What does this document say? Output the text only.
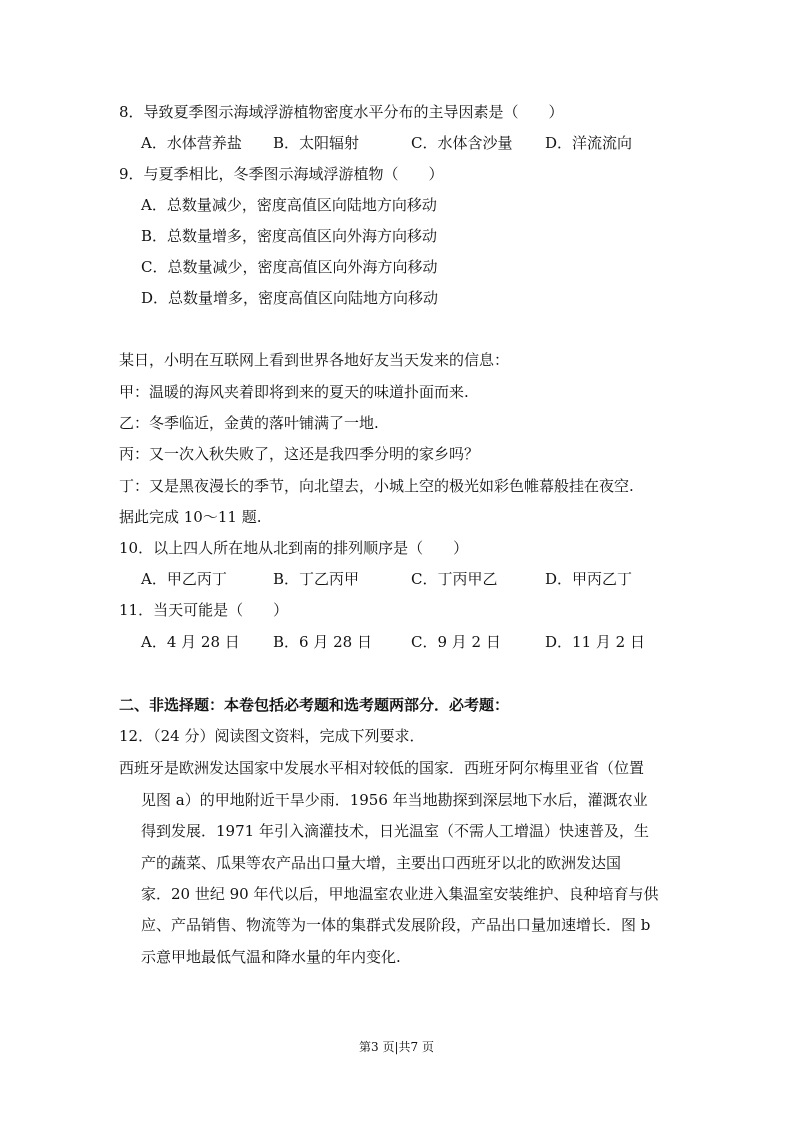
8．导致夏季图示海域浮游植物密度水平分布的主导因素是（　　）

A．水体营养盐 B．太阳辐射	C．水体含沙量 D．洋流流向

9．与夏季相比，冬季图示海域浮游植物（　　）

A．总数量减少，密度高值区向陆地方向移动

B．总数量增多，密度高值区向外海方向移动

C．总数量减少，密度高值区向外海方向移动

D．总数量增多，密度高值区向陆地方向移动

某日，小明在互联网上看到世界各地好友当天发来的信息：

甲：温暖的海风夹着即将到来的夏天的味道扑面而来.

乙：冬季临近，金黄的落叶铺满了一地.

丙：又一次入秋失败了，这还是我四季分明的家乡吗？

丁：又是黑夜漫长的季节，向北望去，小城上空的极光如彩色帷幕般挂在夜空.

据此完成 10～11 题.

10．以上四人所在地从北到南的排列顺序是（　　）

A．甲乙丙丁	B．丁乙丙甲	C．丁丙甲乙	D．甲丙乙丁

11．当天可能是（　　）

A．4 月 28 日 B．6 月 28 日	C．9 月 2 日	D．11 月 2 日

二、非选择题：本卷包括必考题和选考题两部分．必考题：

12．（24 分）阅读图文资料，完成下列要求．

西班牙是欧洲发达国家中发展水平相对较低的国家．西班牙阿尔梅里亚省（位置

见图 a）的甲地附近干旱少雨．1956 年当地勘探到深层地下水后，灌溉农业

得到发展．1971 年引入滴灌技术，日光温室（不需人工增温）快速普及，生

产的蔬菜、瓜果等农产品出口量大增，主要出口西班牙以北的欧洲发达国

家．20 世纪 90 年代以后，甲地温室农业进入集温室安装维护、良种培育与供

应、产品销售、物流等为一体的集群式发展阶段，产品出口量加速增长．图 b

示意甲地最低气温和降水量的年内变化.

第3 页|共7 页
